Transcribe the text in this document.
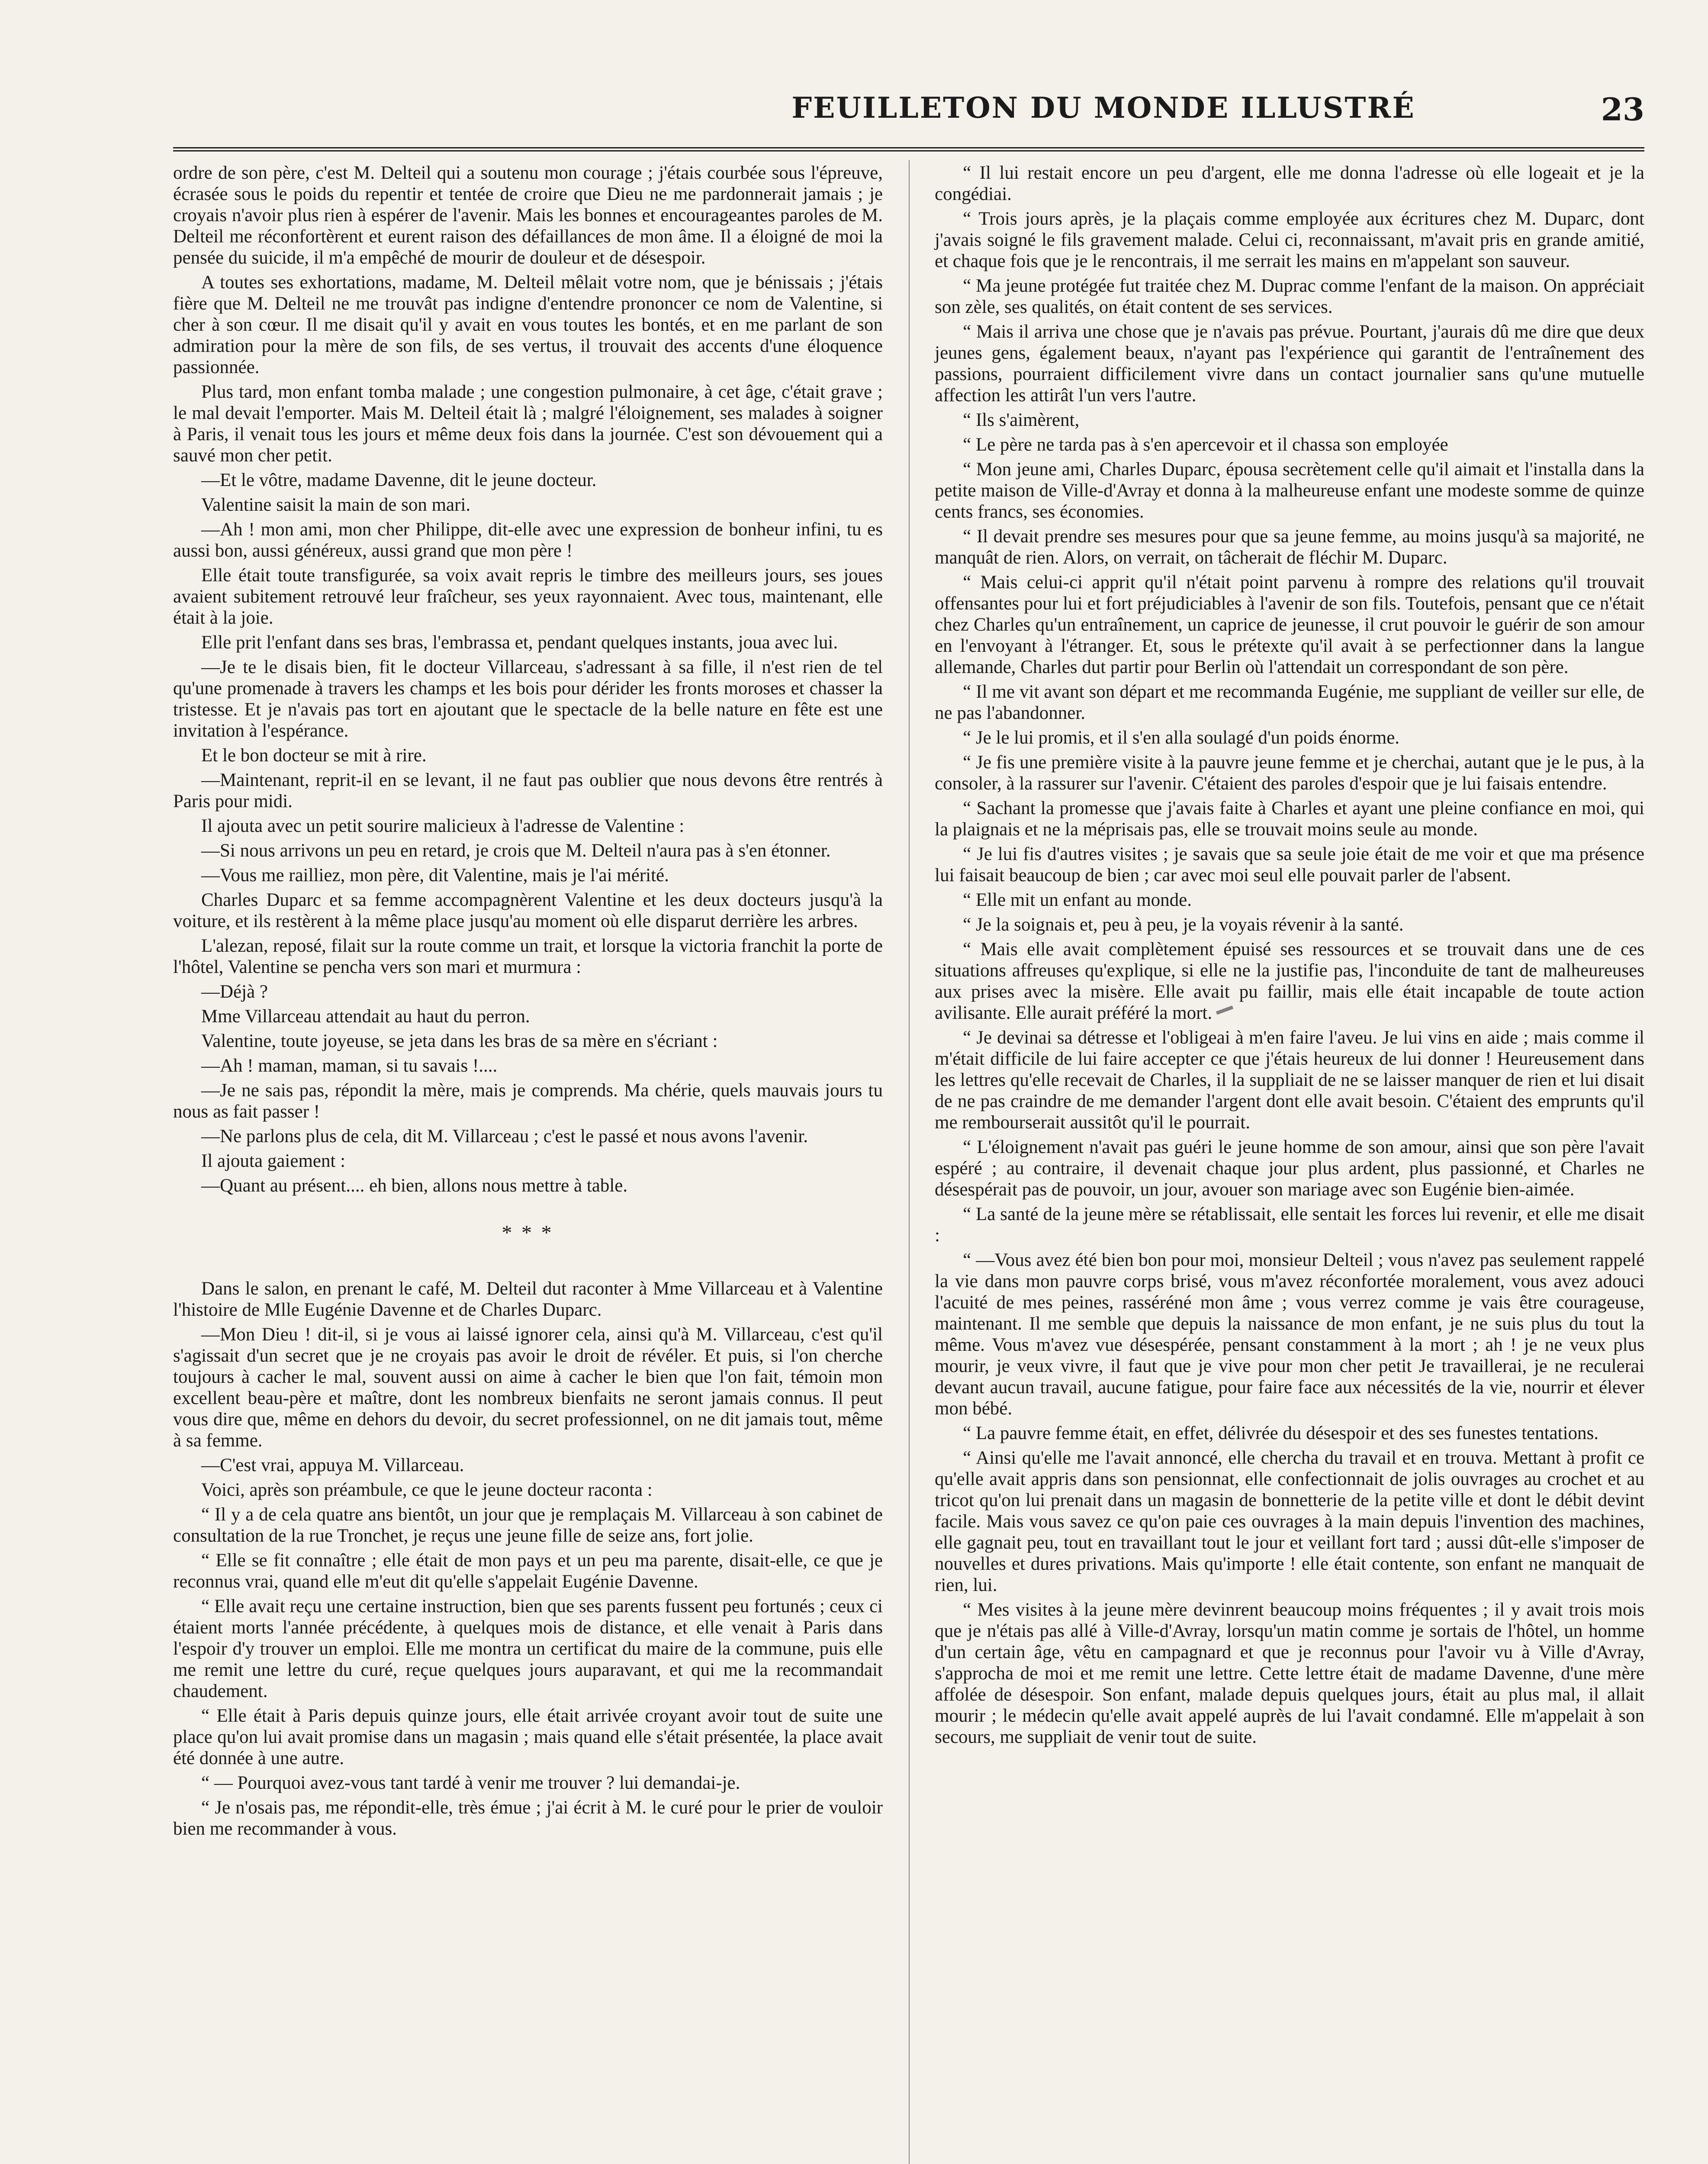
FEUILLETON DU MONDE ILLUSTRÉ	23

ordre de son père, c'est M. Delteil qui a soutenu mon courage ; j'étais courbée sous l'épreuve, écrasée sous le poids du repentir et tentée de croire que Dieu ne me pardonnerait jamais ; je croyais n'avoir plus rien à espérer de l'avenir. Mais les bonnes et encourageantes paroles de M. Delteil me réconfortèrent et eurent raison des défaillances de mon âme. Il a éloigné de moi la pensée du suicide, il m'a empêché de mourir de douleur et de désespoir.

A toutes ses exhortations, madame, M. Delteil mêlait votre nom, que je bénissais ; j'étais fière que M. Delteil ne me trouvât pas indigne d'entendre prononcer ce nom de Valentine, si cher à son cœur. Il me disait qu'il y avait en vous toutes les bontés, et en me parlant de son admiration pour la mère de son fils, de ses vertus, il trouvait des accents d'une éloquence passionnée.

Plus tard, mon enfant tomba malade ; une congestion pulmonaire, à cet âge, c'était grave ; le mal devait l'emporter. Mais M. Delteil était là ; malgré l'éloignement, ses malades à soigner à Paris, il venait tous les jours et même deux fois dans la journée. C'est son dévouement qui a sauvé mon cher petit.

—Et le vôtre, madame Davenne, dit le jeune docteur.

Valentine saisit la main de son mari.

—Ah ! mon ami, mon cher Philippe, dit-elle avec une expression de bonheur infini, tu es aussi bon, aussi généreux, aussi grand que mon père !

Elle était toute transfigurée, sa voix avait repris le timbre des meilleurs jours, ses joues avaient subitement retrouvé leur fraîcheur, ses yeux rayonnaient. Avec tous, maintenant, elle était à la joie.

Elle prit l'enfant dans ses bras, l'embrassa et, pendant quelques instants, joua avec lui.

—Je te le disais bien, fit le docteur Villarceau, s'adressant à sa fille, il n'est rien de tel qu'une promenade à travers les champs et les bois pour dérider les fronts moroses et chasser la tristesse. Et je n'avais pas tort en ajoutant que le spectacle de la belle nature en fête est une invitation à l'espérance.

Et le bon docteur se mit à rire.

—Maintenant, reprit-il en se levant, il ne faut pas oublier que nous devons être rentrés à Paris pour midi.

Il ajouta avec un petit sourire malicieux à l'adresse de Valentine :

—Si nous arrivons un peu en retard, je crois que M. Delteil n'aura pas à s'en étonner.

—Vous me railliez, mon père, dit Valentine, mais je l'ai mérité.

Charles Duparc et sa femme accompagnèrent Valentine et les deux docteurs jusqu'à la voiture, et ils restèrent à la même place jusqu'au moment où elle disparut derrière les arbres.

L'alezan, reposé, filait sur la route comme un trait, et lorsque la victoria franchit la porte de l'hôtel, Valentine se pencha vers son mari et murmura :

—Déjà ?

Mme Villarceau attendait au haut du perron.

Valentine, toute joyeuse, se jeta dans les bras de sa mère en s'écriant :

—Ah ! maman, maman, si tu savais !....

—Je ne sais pas, répondit la mère, mais je comprends. Ma chérie, quels mauvais jours tu nous as fait passer !

—Ne parlons plus de cela, dit M. Villarceau ; c'est le passé et nous avons l'avenir.

Il ajouta gaiement :

—Quant au présent.... eh bien, allons nous mettre à table.

* * *

Dans le salon, en prenant le café, M. Delteil dut raconter à Mme Villarceau et à Valentine l'histoire de Mlle Eugénie Davenne et de Charles Duparc.

—Mon Dieu ! dit-il, si je vous ai laissé ignorer cela, ainsi qu'à M. Villarceau, c'est qu'il s'agissait d'un secret que je ne croyais pas avoir le droit de révéler. Et puis, si l'on cherche toujours à cacher le mal, souvent aussi on aime à cacher le bien que l'on fait, témoin mon excellent beau-père et maître, dont les nombreux bienfaits ne seront jamais connus. Il peut vous dire que, même en dehors du devoir, du secret professionnel, on ne dit jamais tout, même à sa femme.

—C'est vrai, appuya M. Villarceau.

Voici, après son préambule, ce que le jeune docteur raconta :

“ Il y a de cela quatre ans bientôt, un jour que je remplaçais M. Villarceau à son cabinet de consultation de la rue Tronchet, je reçus une jeune fille de seize ans, fort jolie.

“ Elle se fit connaître ; elle était de mon pays et un peu ma parente, disait-elle, ce que je reconnus vrai, quand elle m'eut dit qu'elle s'appelait Eugénie Davenne.

“ Elle avait reçu une certaine instruction, bien que ses parents fussent peu fortunés ; ceux ci étaient morts l'année précédente, à quelques mois de distance, et elle venait à Paris dans l'espoir d'y trouver un emploi. Elle me montra un certificat du maire de la commune, puis elle me remit une lettre du curé, reçue quelques jours auparavant, et qui me la recommandait chaudement.

“ Elle était à Paris depuis quinze jours, elle était arrivée croyant avoir tout de suite une place qu'on lui avait promise dans un magasin ; mais quand elle s'était présentée, la place avait été donnée à une autre.

“ — Pourquoi avez-vous tant tardé à venir me trouver ? lui demandai-je.

“ Je n'osais pas, me répondit-elle, très émue ; j'ai écrit à M. le curé pour le prier de vouloir bien me recommander à vous.

“ Il lui restait encore un peu d'argent, elle me donna l'adresse où elle logeait et je la congédiai.

“ Trois jours après, je la plaçais comme employée aux écritures chez M. Duparc, dont j'avais soigné le fils gravement malade. Celui ci, reconnaissant, m'avait pris en grande amitié, et chaque fois que je le rencontrais, il me serrait les mains en m'appelant son sauveur.

“ Ma jeune protégée fut traitée chez M. Duprac comme l'enfant de la maison. On appréciait son zèle, ses qualités, on était content de ses services.

“ Mais il arriva une chose que je n'avais pas prévue. Pourtant, j'aurais dû me dire que deux jeunes gens, également beaux, n'ayant pas l'expérience qui garantit de l'entraînement des passions, pourraient difficilement vivre dans un contact journalier sans qu'une mutuelle affection les attirât l'un vers l'autre.

“ Ils s'aimèrent,

“ Le père ne tarda pas à s'en apercevoir et il chassa son employée

“ Mon jeune ami, Charles Duparc, épousa secrètement celle qu'il aimait et l'installa dans la petite maison de Ville-d'Avray et donna à la malheureuse enfant une modeste somme de quinze cents francs, ses économies.

“ Il devait prendre ses mesures pour que sa jeune femme, au moins jusqu'à sa majorité, ne manquât de rien. Alors, on verrait, on tâcherait de fléchir M. Duparc.

“ Mais celui-ci apprit qu'il n'était point parvenu à rompre des relations qu'il trouvait offensantes pour lui et fort préjudiciables à l'avenir de son fils. Toutefois, pensant que ce n'était chez Charles qu'un entraînement, un caprice de jeunesse, il crut pouvoir le guérir de son amour en l'envoyant à l'étranger. Et, sous le prétexte qu'il avait à se perfectionner dans la langue allemande, Charles dut partir pour Berlin où l'attendait un correspondant de son père.

“ Il me vit avant son départ et me recommanda Eugénie, me suppliant de veiller sur elle, de ne pas l'abandonner.

“ Je le lui promis, et il s'en alla soulagé d'un poids énorme.

“ Je fis une première visite à la pauvre jeune femme et je cherchai, autant que je le pus, à la consoler, à la rassurer sur l'avenir. C'étaient des paroles d'espoir que je lui faisais entendre.

“ Sachant la promesse que j'avais faite à Charles et ayant une pleine confiance en moi, qui la plaignais et ne la méprisais pas, elle se trouvait moins seule au monde.

“ Je lui fis d'autres visites ; je savais que sa seule joie était de me voir et que ma présence lui faisait beaucoup de bien ; car avec moi seul elle pouvait parler de l'absent.

“ Elle mit un enfant au monde.

“ Je la soignais et, peu à peu, je la voyais révenir à la santé.

“ Mais elle avait complètement épuisé ses ressources et se trouvait dans une de ces situations affreuses qu'explique, si elle ne la justifie pas, l'inconduite de tant de malheureuses aux prises avec la misère. Elle avait pu faillir, mais elle était incapable de toute action avilisante. Elle aurait préféré la mort.

“ Je devinai sa détresse et l'obligeai à m'en faire l'aveu. Je lui vins en aide ; mais comme il m'était difficile de lui faire accepter ce que j'étais heureux de lui donner ! Heureusement dans les lettres qu'elle recevait de Charles, il la suppliait de ne se laisser manquer de rien et lui disait de ne pas craindre de me demander l'argent dont elle avait besoin. C'étaient des emprunts qu'il me rembourserait aussitôt qu'il le pourrait.

“ L'éloignement n'avait pas guéri le jeune homme de son amour, ainsi que son père l'avait espéré ; au contraire, il devenait chaque jour plus ardent, plus passionné, et Charles ne désespérait pas de pouvoir, un jour, avouer son mariage avec son Eugénie bien-aimée.

“ La santé de la jeune mère se rétablissait, elle sentait les forces lui revenir, et elle me disait :

“ —Vous avez été bien bon pour moi, monsieur Delteil ; vous n'avez pas seulement rappelé la vie dans mon pauvre corps brisé, vous m'avez réconfortée moralement, vous avez adouci l'acuité de mes peines, rasséréné mon âme ; vous verrez comme je vais être courageuse, maintenant. Il me semble que depuis la naissance de mon enfant, je ne suis plus du tout la même. Vous m'avez vue désespérée, pensant constamment à la mort ; ah ! je ne veux plus mourir, je veux vivre, il faut que je vive pour mon cher petit Je travaillerai, je ne reculerai devant aucun travail, aucune fatigue, pour faire face aux nécessités de la vie, nourrir et élever mon bébé.

“ La pauvre femme était, en effet, délivrée du désespoir et des ses funestes tentations.

“ Ainsi qu'elle me l'avait annoncé, elle chercha du travail et en trouva. Mettant à profit ce qu'elle avait appris dans son pensionnat, elle confectionnait de jolis ouvrages au crochet et au tricot qu'on lui prenait dans un magasin de bonnetterie de la petite ville et dont le débit devint facile. Mais vous savez ce qu'on paie ces ouvrages à la main depuis l'invention des machines, elle gagnait peu, tout en travaillant tout le jour et veillant fort tard ; aussi dût-elle s'imposer de nouvelles et dures privations. Mais qu'importe ! elle était contente, son enfant ne manquait de rien, lui.

“ Mes visites à la jeune mère devinrent beaucoup moins fréquentes ; il y avait trois mois que je n'étais pas allé à Ville-d'Avray, lorsqu'un matin comme je sortais de l'hôtel, un homme d'un certain âge, vêtu en campagnard et que je reconnus pour l'avoir vu à Ville d'Avray, s'approcha de moi et me remit une lettre. Cette lettre était de madame Davenne, d'une mère affolée de désespoir. Son enfant, malade depuis quelques jours, était au plus mal, il allait mourir ; le médecin qu'elle avait appelé auprès de lui l'avait condamné. Elle m'appelait à son secours, me suppliait de venir tout de suite.
